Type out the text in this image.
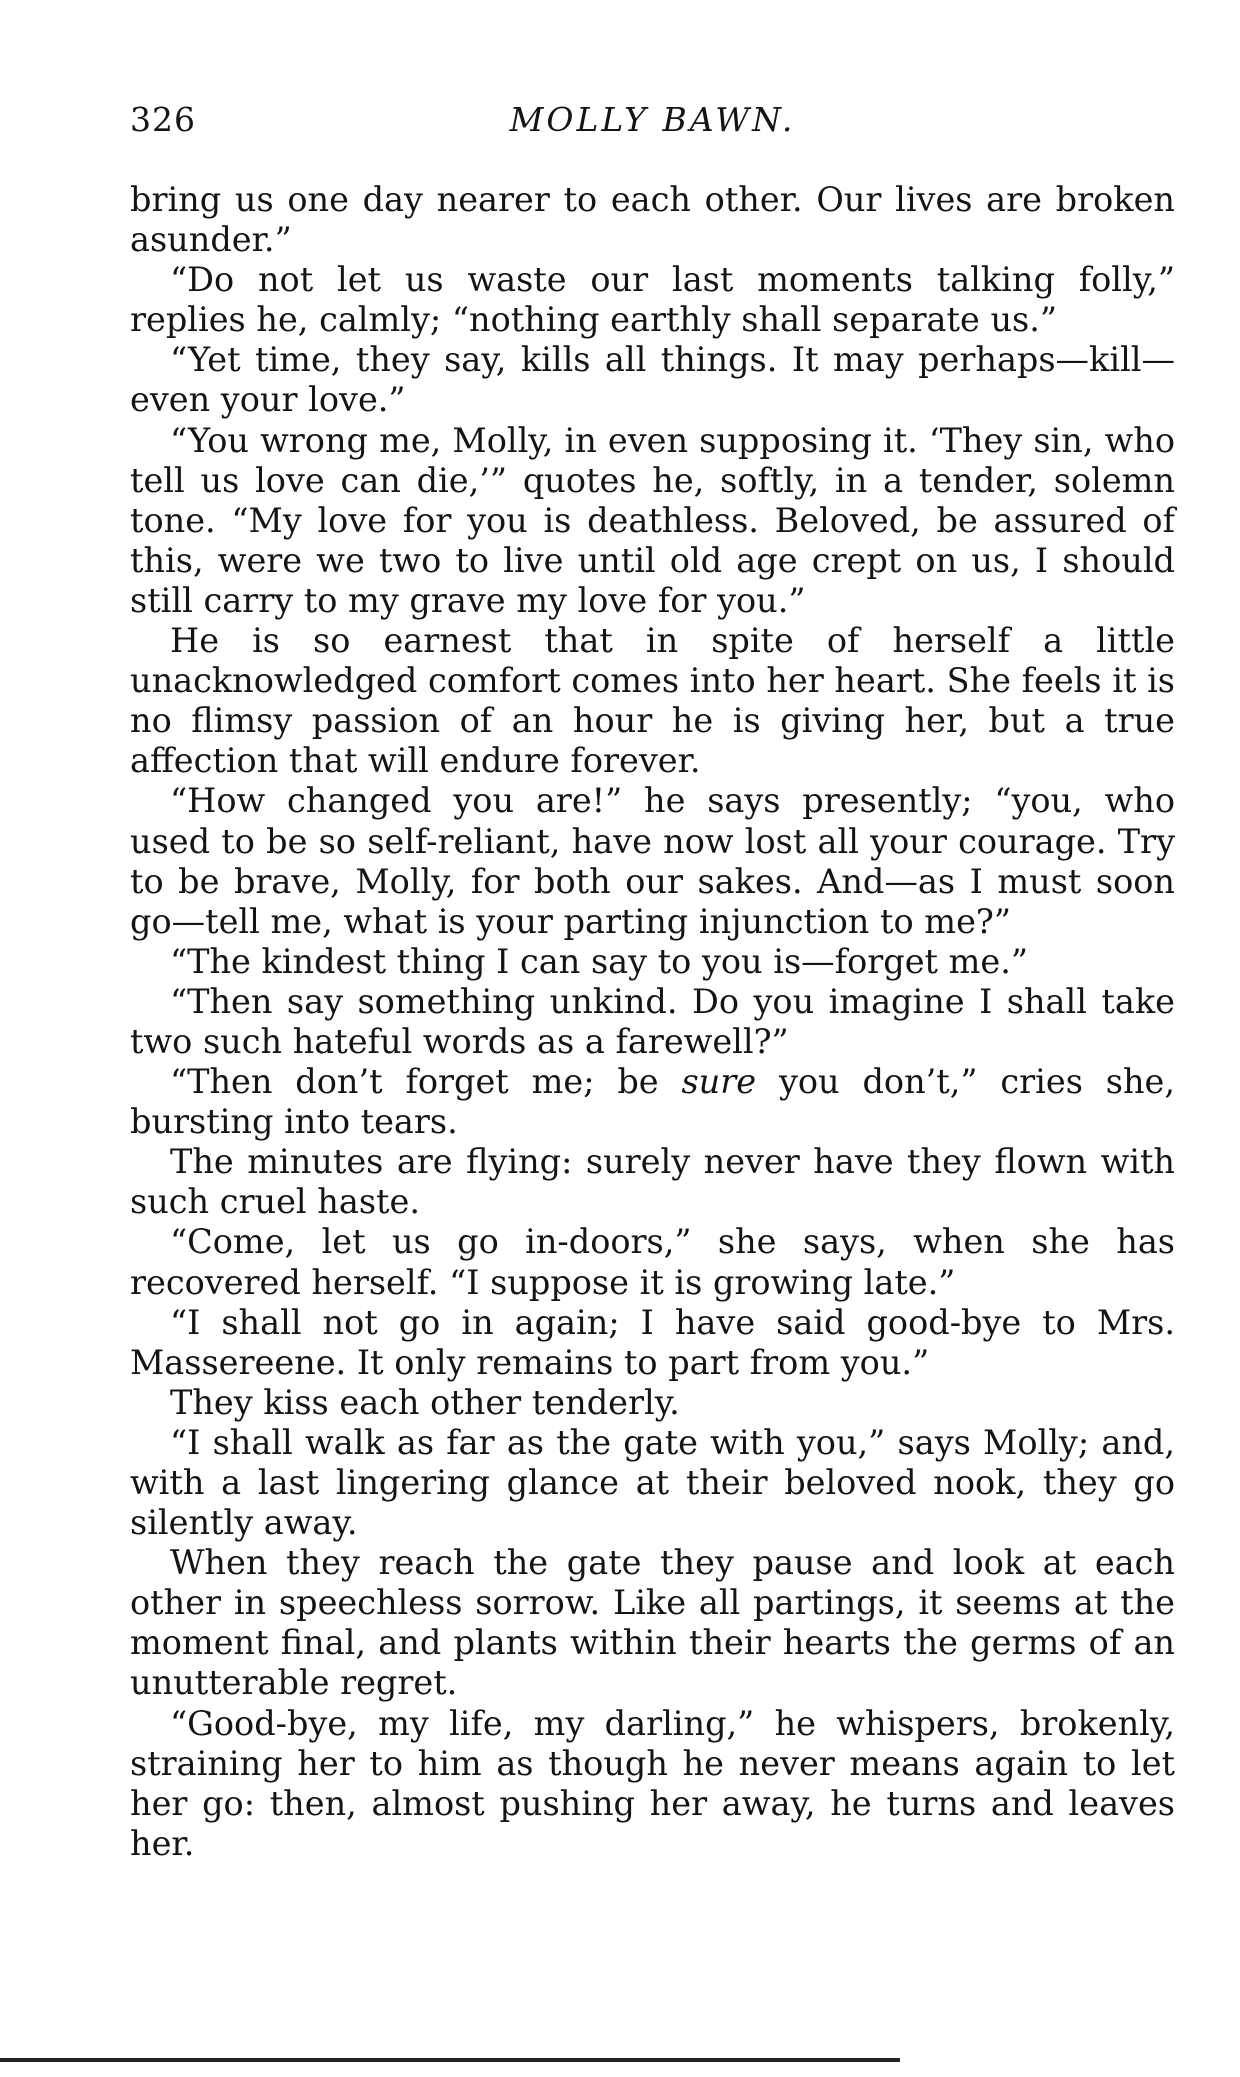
326	MOLLY BAWN.

bring us one day nearer to each other. Our lives are broken asunder.”

“Do not let us waste our last moments talking folly,” replies he, calmly; “nothing earthly shall separate us.”

“Yet time, they say, kills all things. It may perhaps—kill—even your love.”

“You wrong me, Molly, in even supposing it. ‘They sin, who tell us love can die,’” quotes he, softly, in a tender, solemn tone. “My love for you is deathless. Beloved, be assured of this, were we two to live until old age crept on us, I should still carry to my grave my love for you.”

He is so earnest that in spite of herself a little unacknowledged comfort comes into her heart. She feels it is no flimsy passion of an hour he is giving her, but a true affection that will endure forever.

“How changed you are!” he says presently; “you, who used to be so self-reliant, have now lost all your courage. Try to be brave, Molly, for both our sakes. And—as I must soon go—tell me, what is your parting injunction to me?”

“The kindest thing I can say to you is—forget me.”

“Then say something unkind. Do you imagine I shall take two such hateful words as a farewell?”

“Then don’t forget me; be sure you don’t,” cries she, bursting into tears.

The minutes are flying: surely never have they flown with such cruel haste.

“Come, let us go in-doors,” she says, when she has recovered herself. “I suppose it is growing late.”

“I shall not go in again; I have said good-bye to Mrs. Massereene. It only remains to part from you.”

They kiss each other tenderly.

“I shall walk as far as the gate with you,” says Molly; and, with a last lingering glance at their beloved nook, they go silently away.

When they reach the gate they pause and look at each other in speechless sorrow. Like all partings, it seems at the moment final, and plants within their hearts the germs of an unutterable regret.

“Good-bye, my life, my darling,” he whispers, brokenly, straining her to him as though he never means again to let her go: then, almost pushing her away, he turns and leaves her.
